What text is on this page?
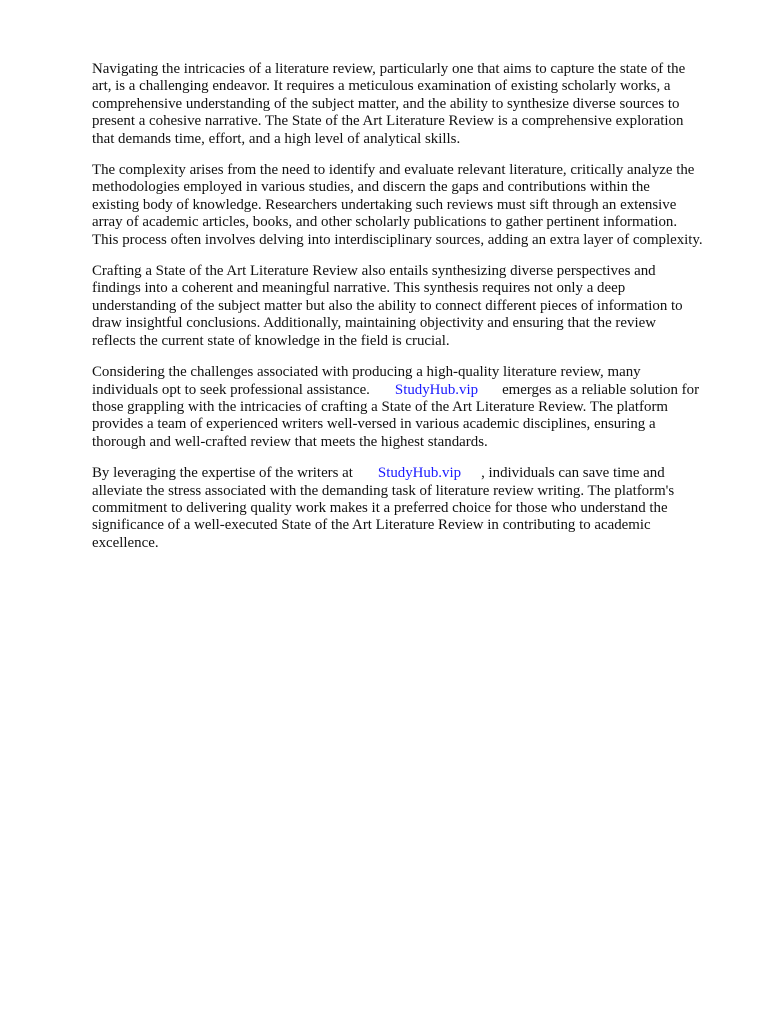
Navigating the intricacies of a literature review, particularly one that aims to capture the state of the
art, is a challenging endeavor. It requires a meticulous examination of existing scholarly works, a
comprehensive understanding of the subject matter, and the ability to synthesize diverse sources to
present a cohesive narrative. The State of the Art Literature Review is a comprehensive exploration
that demands time, effort, and a high level of analytical skills.

The complexity arises from the need to identify and evaluate relevant literature, critically analyze the
methodologies employed in various studies, and discern the gaps and contributions within the
existing body of knowledge. Researchers undertaking such reviews must sift through an extensive
array of academic articles, books, and other scholarly publications to gather pertinent information.
This process often involves delving into interdisciplinary sources, adding an extra layer of complexity.

Crafting a State of the Art Literature Review also entails synthesizing diverse perspectives and
findings into a coherent and meaningful narrative. This synthesis requires not only a deep
understanding of the subject matter but also the ability to connect different pieces of information to
draw insightful conclusions. Additionally, maintaining objectivity and ensuring that the review
reflects the current state of knowledge in the field is crucial.

Considering the challenges associated with producing a high-quality literature review, many
individuals opt to seek professional assistance. StudyHub.vip emerges as a reliable solution for
those grappling with the intricacies of crafting a State of the Art Literature Review. The platform
provides a team of experienced writers well-versed in various academic disciplines, ensuring a
thorough and well-crafted review that meets the highest standards.

By leveraging the expertise of the writers at StudyHub.vip , individuals can save time and
alleviate the stress associated with the demanding task of literature review writing. The platform's
commitment to delivering quality work makes it a preferred choice for those who understand the
significance of a well-executed State of the Art Literature Review in contributing to academic
excellence.
